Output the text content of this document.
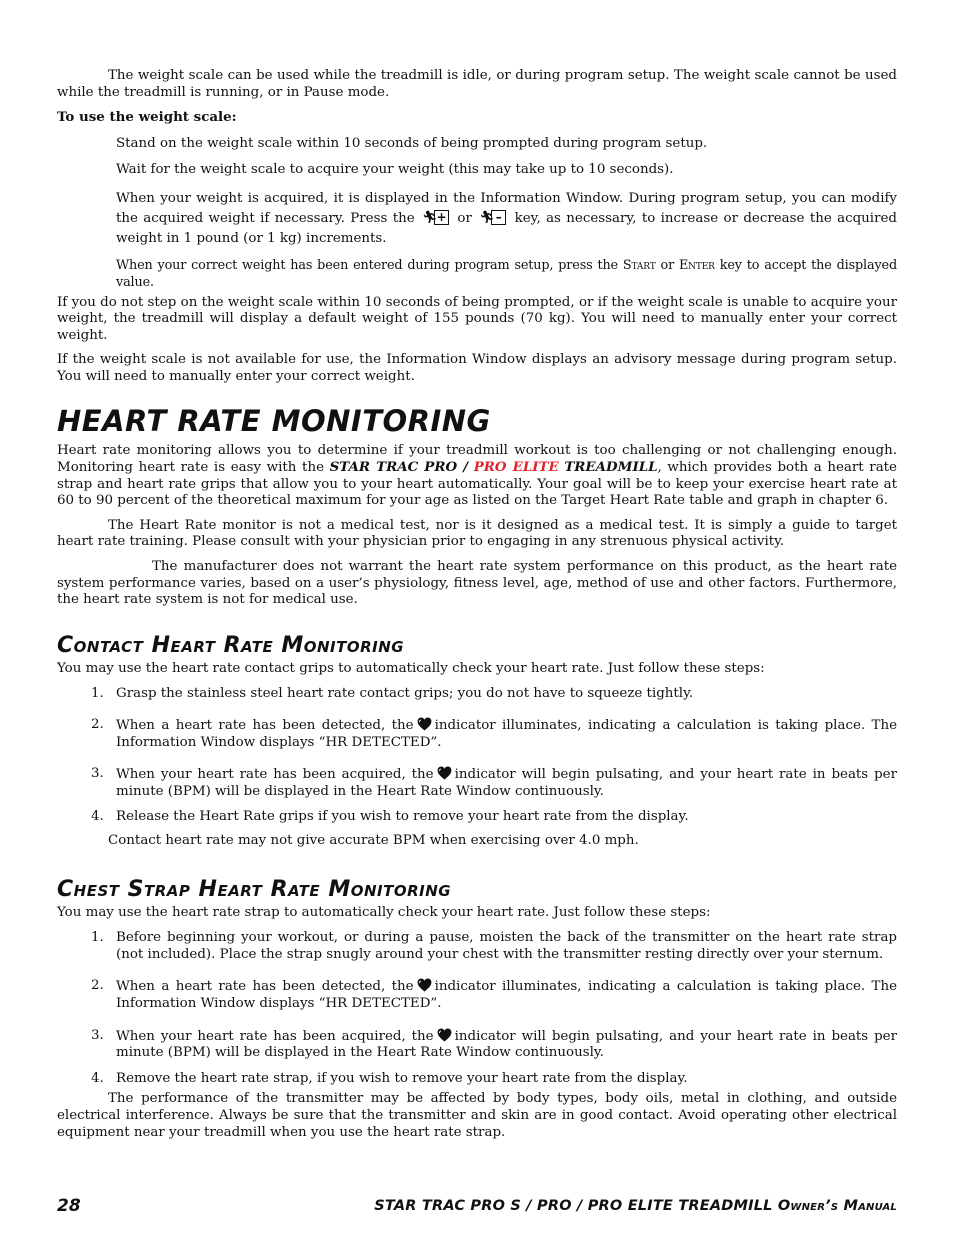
The weight scale can be used while the treadmill is idle, or during program setup. The weight scale cannot be used while the treadmill is running, or in Pause mode.

To use the weight scale:

Stand on the weight scale within 10 seconds of being prompted during program setup.

Wait for the weight scale to acquire your weight (this may take up to 10 seconds).

When your weight is acquired, it is displayed in the Information Window. During program setup, you can modify the acquired weight if necessary. Press the 🏃︎ + or 🏃︎ – key, as necessary, to increase or decrease the acquired weight in 1 pound (or 1 kg) increments.

When your correct weight has been entered during program setup, press the Start or Enter key to accept the displayed value.

If you do not step on the weight scale within 10 seconds of being prompted, or if the weight scale is unable to acquire your weight, the treadmill will display a default weight of 155 pounds (70 kg). You will need to manually enter your correct weight.

If the weight scale is not available for use, the Information Window displays an advisory message during program setup. You will need to manually enter your correct weight.

HEART RATE MONITORING

Heart rate monitoring allows you to determine if your treadmill workout is too challenging or not challenging enough. Monitoring heart rate is easy with the STAR TRAC PRO / PRO ELITE TREADMILL, which provides both a heart rate strap and heart rate grips that allow you to your heart automatically. Your goal will be to keep your exercise heart rate at 60 to 90 percent of the theoretical maximum for your age as listed on the Target Heart Rate table and graph in chapter 6.

The Heart Rate monitor is not a medical test, nor is it designed as a medical test. It is simply a guide to target heart rate training. Please consult with your physician prior to engaging in any strenuous physical activity.

The manufacturer does not warrant the heart rate system performance on this product, as the heart rate system performance varies, based on a user’s physiology, fitness level, age, method of use and other factors. Furthermore, the heart rate system is not for medical use.

Contact Heart Rate Monitoring

You may use the heart rate contact grips to automatically check your heart rate. Just follow these steps:

1. Grasp the stainless steel heart rate contact grips; you do not have to squeeze tightly.
2. When a heart rate has been detected, the indicator illuminates, indicating a calculation is taking place. The Information Window displays “HR DETECTED”.
3. When your heart rate has been acquired, the indicator will begin pulsating, and your heart rate in beats per minute (BPM) will be displayed in the Heart Rate Window continuously.
4. Release the Heart Rate grips if you wish to remove your heart rate from the display.

Contact heart rate may not give accurate BPM when exercising over 4.0 mph.

Chest Strap Heart Rate Monitoring

You may use the heart rate strap to automatically check your heart rate. Just follow these steps:

1. Before beginning your workout, or during a pause, moisten the back of the transmitter on the heart rate strap (not included). Place the strap snugly around your chest with the transmitter resting directly over your sternum.
2. When a heart rate has been detected, the indicator illuminates, indicating a calculation is taking place. The Information Window displays “HR DETECTED”.
3. When your heart rate has been acquired, the indicator will begin pulsating, and your heart rate in beats per minute (BPM) will be displayed in the Heart Rate Window continuously.
4. Remove the heart rate strap, if you wish to remove your heart rate from the display.

The performance of the transmitter may be affected by body types, body oils, metal in clothing, and outside electrical interference. Always be sure that the transmitter and skin are in good contact. Avoid operating other electrical equipment near your treadmill when you use the heart rate strap.

28	STAR TRAC PRO S / PRO / PRO ELITE TREADMILL Owner’s Manual
